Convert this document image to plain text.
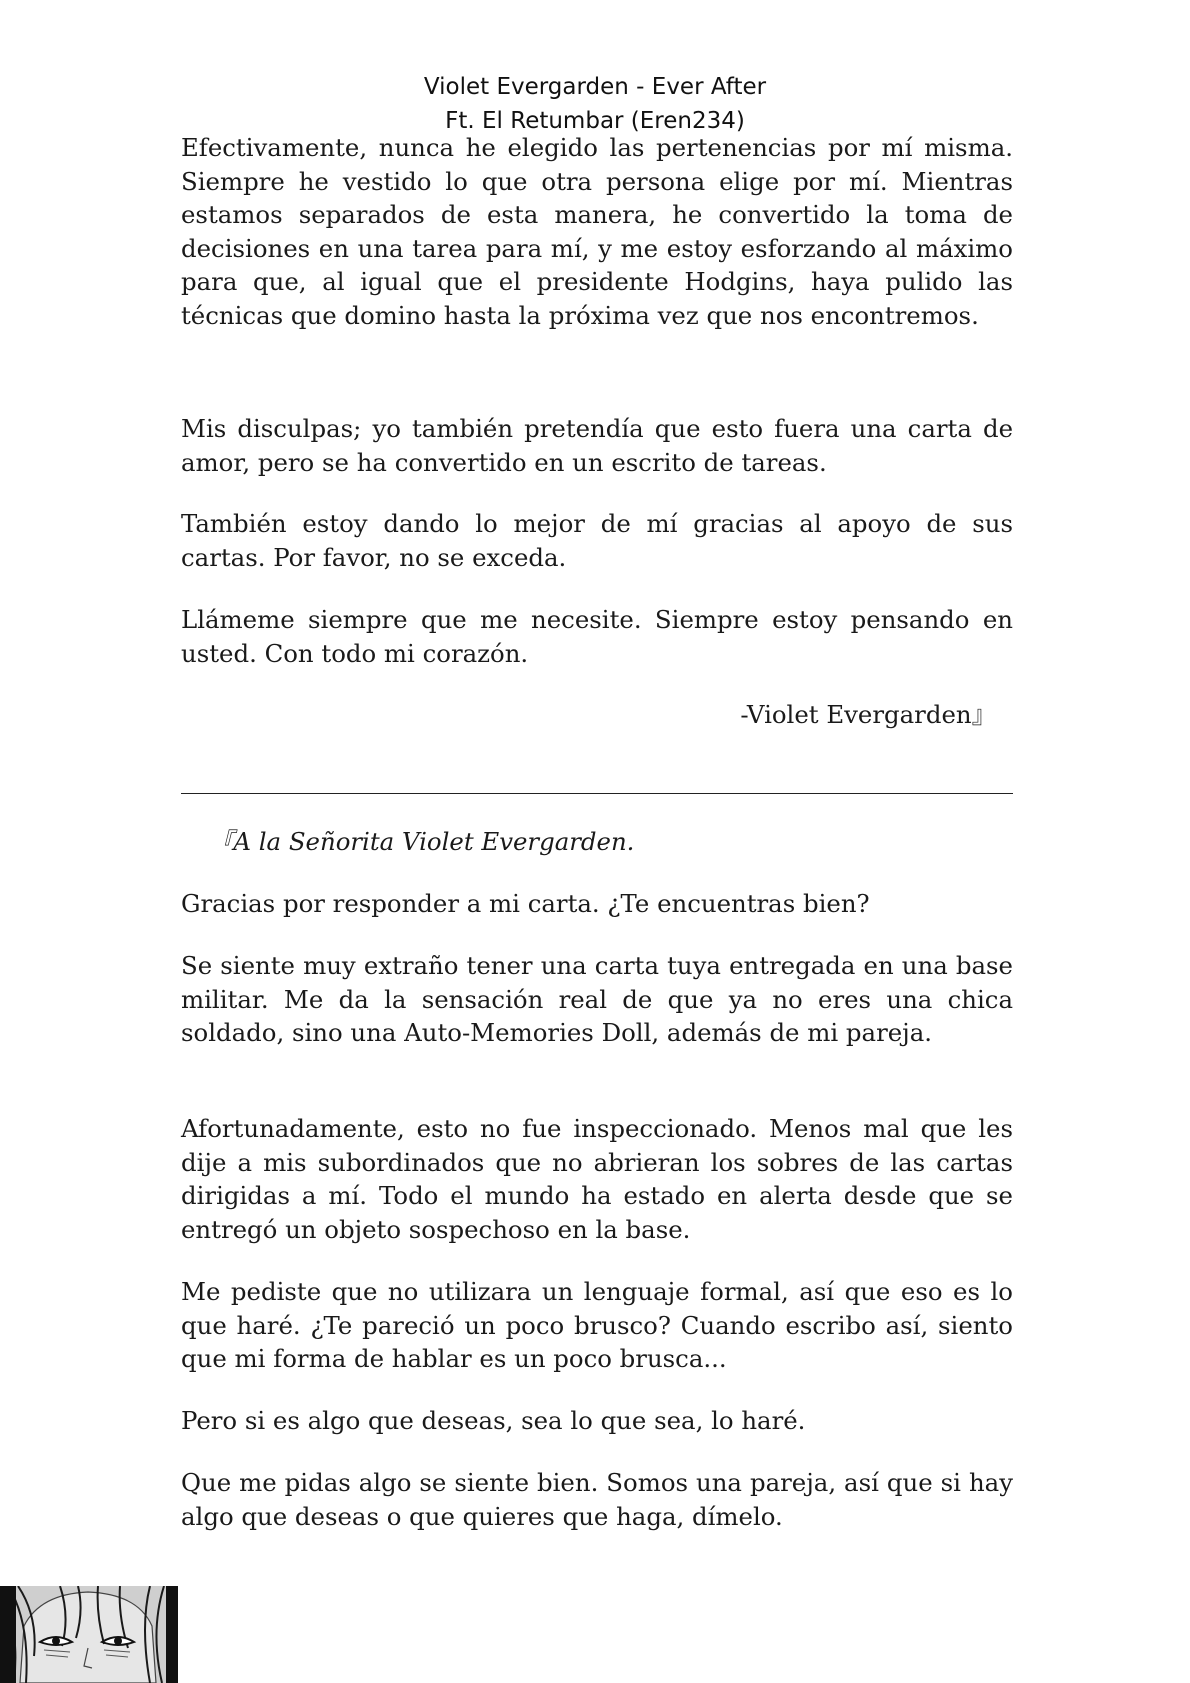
Violet Evergarden - Ever After
Ft. El Retumbar (Eren234)

Efectivamente, nunca he elegido las pertenencias por mí misma. Siempre he vestido lo que otra persona elige por mí. Mientras estamos separados de esta manera, he convertido la toma de decisiones en una tarea para mí, y me estoy esforzando al máximo para que, al igual que el presidente Hodgins, haya pulido las técnicas que domino hasta la próxima vez que nos encontremos.

Mis disculpas; yo también pretendía que esto fuera una carta de amor, pero se ha convertido en un escrito de tareas.

También estoy dando lo mejor de mí gracias al apoyo de sus cartas. Por favor, no se exceda.

Llámeme siempre que me necesite. Siempre estoy pensando en usted. Con todo mi corazón.

-Violet Evergarden』

『A la Señorita Violet Evergarden.

Gracias por responder a mi carta. ¿Te encuentras bien?

Se siente muy extraño tener una carta tuya entregada en una base militar. Me da la sensación real de que ya no eres una chica soldado, sino una Auto-Memories Doll, además de mi pareja.

Afortunadamente, esto no fue inspeccionado. Menos mal que les dije a mis subordinados que no abrieran los sobres de las cartas dirigidas a mí. Todo el mundo ha estado en alerta desde que se entregó un objeto sospechoso en la base.

Me pediste que no utilizara un lenguaje formal, así que eso es lo que haré. ¿Te pareció un poco brusco? Cuando escribo así, siento que mi forma de hablar es un poco brusca...

Pero si es algo que deseas, sea lo que sea, lo haré.

Que me pidas algo se siente bien. Somos una pareja, así que si hay algo que deseas o que quieres que haga, dímelo.
